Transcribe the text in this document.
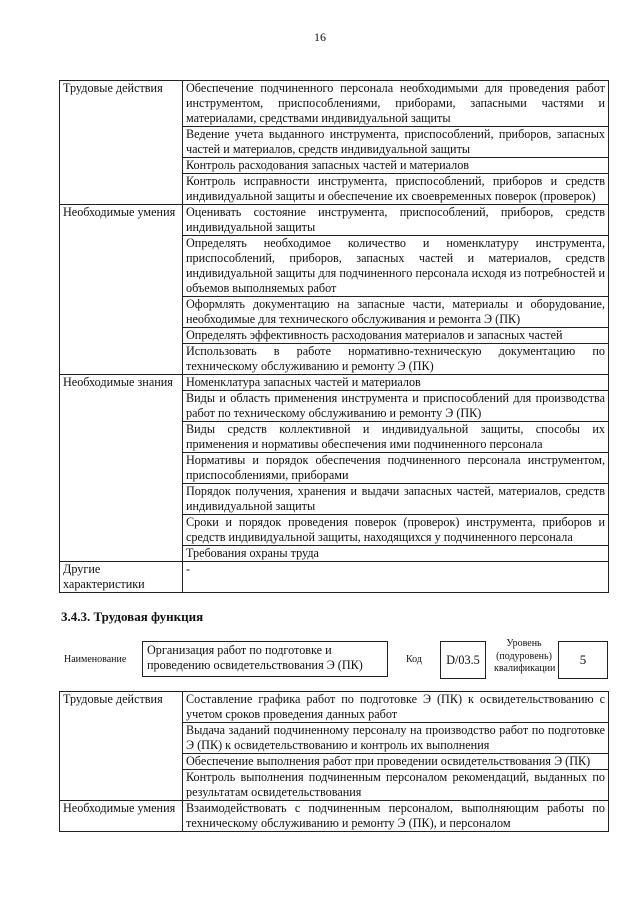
16
Трудовые действия	Обеспечение подчиненного персонала необходимыми для проведения работ инструментом, приспособлениями, приборами, запасными частями и материалами, средствами индивидуальной защиты
	Ведение учета выданного инструмента, приспособлений, приборов, запасных частей и материалов, средств индивидуальной защиты
	Контроль расходования запасных частей и материалов
	Контроль исправности инструмента, приспособлений, приборов и средств индивидуальной защиты и обеспечение их своевременных поверок (проверок)
Необходимые умения	Оценивать состояние инструмента, приспособлений, приборов, средств индивидуальной защиты
	Определять необходимое количество и номенклатуру инструмента, приспособлений, приборов, запасных частей и материалов, средств индивидуальной защиты для подчиненного персонала исходя из потребностей и объемов выполняемых работ
	Оформлять документацию на запасные части, материалы и оборудование, необходимые для технического обслуживания и ремонта Э (ПК)
	Определять эффективность расходования материалов и запасных частей
	Использовать в работе нормативно-техническую документацию по техническому обслуживанию и ремонту Э (ПК)
Необходимые знания	Номенклатура запасных частей и материалов
	Виды и область применения инструмента и приспособлений для производства работ по техническому обслуживанию и ремонту Э (ПК)
	Виды средств коллективной и индивидуальной защиты, способы их применения и нормативы обеспечения ими подчиненного персонала
	Нормативы и порядок обеспечения подчиненного персонала инструментом, приспособлениями, приборами
	Порядок получения, хранения и выдачи запасных частей, материалов, средств индивидуальной защиты
	Сроки и порядок проведения поверок (проверок) инструмента, приборов и средств индивидуальной защиты, находящихся у подчиненного персонала
	Требования охраны труда
Другие характеристики	-
3.4.3. Трудовая функция
Наименование
Организация работ по подготовке и проведению освидетельствования Э (ПК)	Код	D/03.5
Уровень (подуровень) квалификации
5
Трудовые действия	Составление графика работ по подготовке Э (ПК) к освидетельствованию с учетом сроков проведения данных работ
	Выдача заданий подчиненному персоналу на производство работ по подготовке Э (ПК) к освидетельствованию и контроль их выполнения
	Обеспечение выполнения работ при проведении освидетельствования Э (ПК)
	Контроль выполнения подчиненным персоналом рекомендаций, выданных по результатам освидетельствования
Необходимые умения	Взаимодействовать с подчиненным персоналом, выполняющим работы по техническому обслуживанию и ремонту Э (ПК), и персоналом
